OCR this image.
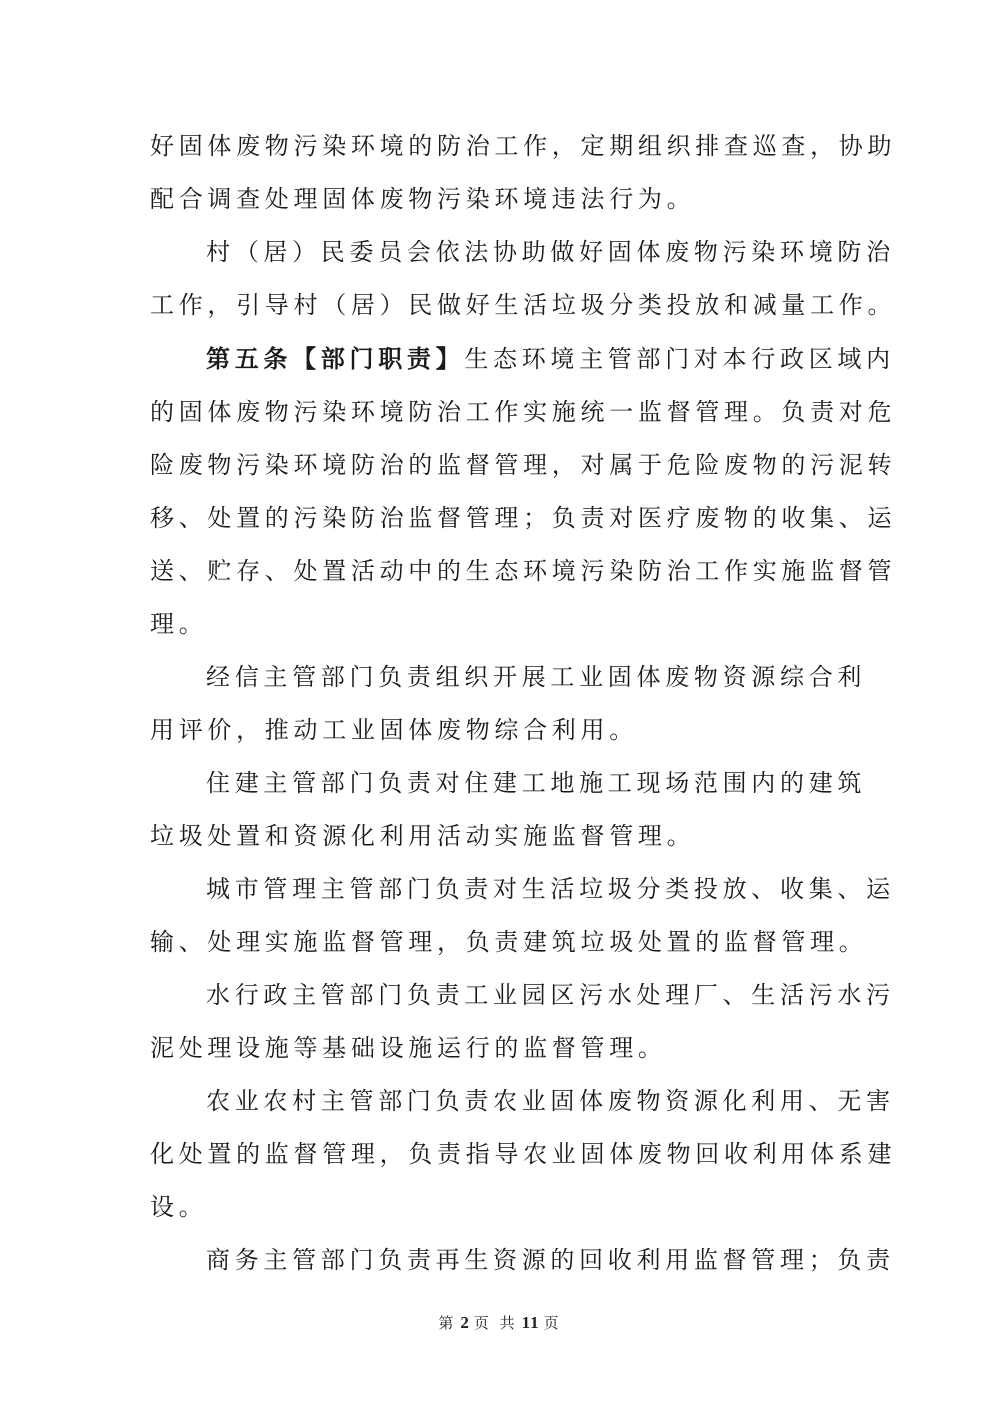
好固体废物污染环境的防治工作，定期组织排查巡查，协助
配合调查处理固体废物污染环境违法行为。

村（居）民委员会依法协助做好固体废物污染环境防治
工作，引导村（居）民做好生活垃圾分类投放和减量工作。

第五条【部门职责】生态环境主管部门对本行政区域内
的固体废物污染环境防治工作实施统一监督管理。负责对危
险废物污染环境防治的监督管理，对属于危险废物的污泥转
移、处置的污染防治监督管理；负责对医疗废物的收集、运
送、贮存、处置活动中的生态环境污染防治工作实施监督管
理。

经信主管部门负责组织开展工业固体废物资源综合利
用评价，推动工业固体废物综合利用。

住建主管部门负责对住建工地施工现场范围内的建筑
垃圾处置和资源化利用活动实施监督管理。

城市管理主管部门负责对生活垃圾分类投放、收集、运
输、处理实施监督管理，负责建筑垃圾处置的监督管理。

水行政主管部门负责工业园区污水处理厂、生活污水污
泥处理设施等基础设施运行的监督管理。

农业农村主管部门负责农业固体废物资源化利用、无害
化处置的监督管理，负责指导农业固体废物回收利用体系建
设。

商务主管部门负责再生资源的回收利用监督管理；负责

第 2 页 共 11 页
